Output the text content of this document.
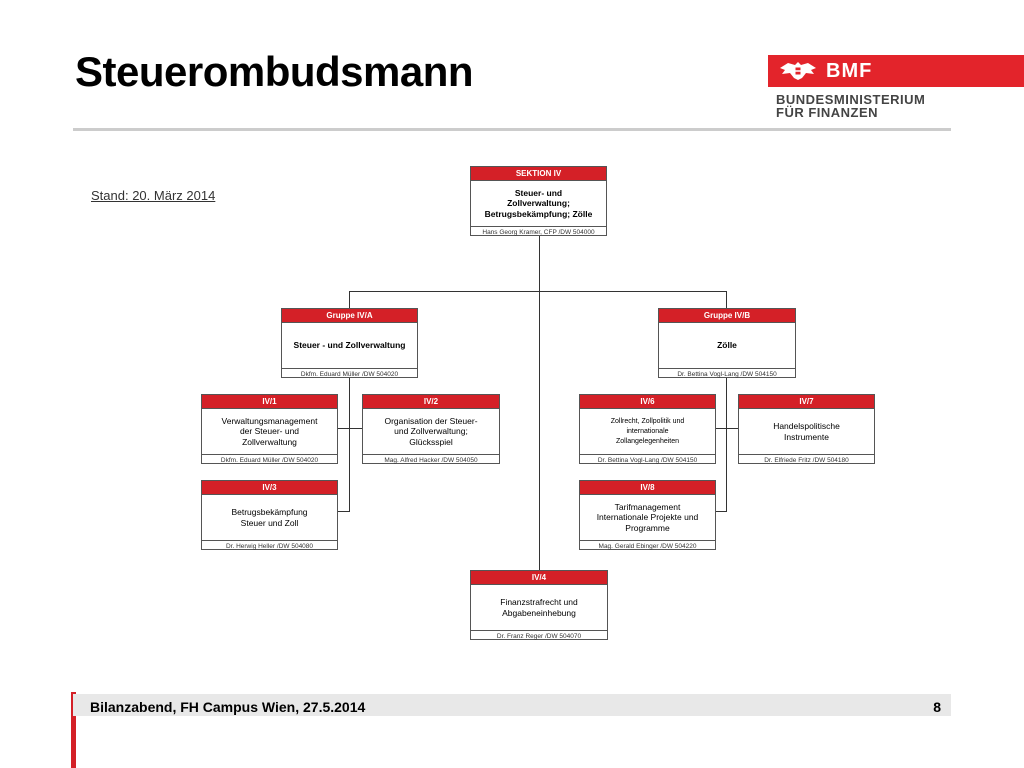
Steuerombudsmann	BMF
BUNDESMINISTERIUM
FÜR FINANZEN
Stand: 20. März 2014
SEKTION IV
Steuer- und
Zollverwaltung;
Betrugsbekämpfung; Zölle
Hans Georg Kramer, CFP /DW 504000
Gruppe IV/A
Steuer - und Zollverwaltung
Dkfm. Eduard Müller /DW 504020
Gruppe IV/B
Zölle
Dr. Bettina Vogl-Lang /DW 504150
IV/1
Verwaltungsmanagement
der Steuer- und
Zollverwaltung
Dkfm. Eduard Müller /DW 504020
IV/2
Organisation der Steuer-
und Zollverwaltung;
Glücksspiel
Mag. Alfred Hacker /DW 504050
IV/3
Betrugsbekämpfung
Steuer und Zoll
Dr. Herwig Heller /DW 504080
IV/6
Zollrecht, Zollpolitik und
internationale
Zollangelegenheiten
Dr. Bettina Vogl-Lang /DW 504150
IV/7
Handelspolitische
Instrumente
Dr. Elfriede Fritz /DW 504180
IV/8
Tarifmanagement
Internationale Projekte und
Programme
Mag. Gerald Ebinger /DW 504220
IV/4
Finanzstrafrecht und
Abgabeneinhebung
Dr. Franz Reger /DW 504070
Bilanzabend, FH Campus Wien, 27.5.2014	8
